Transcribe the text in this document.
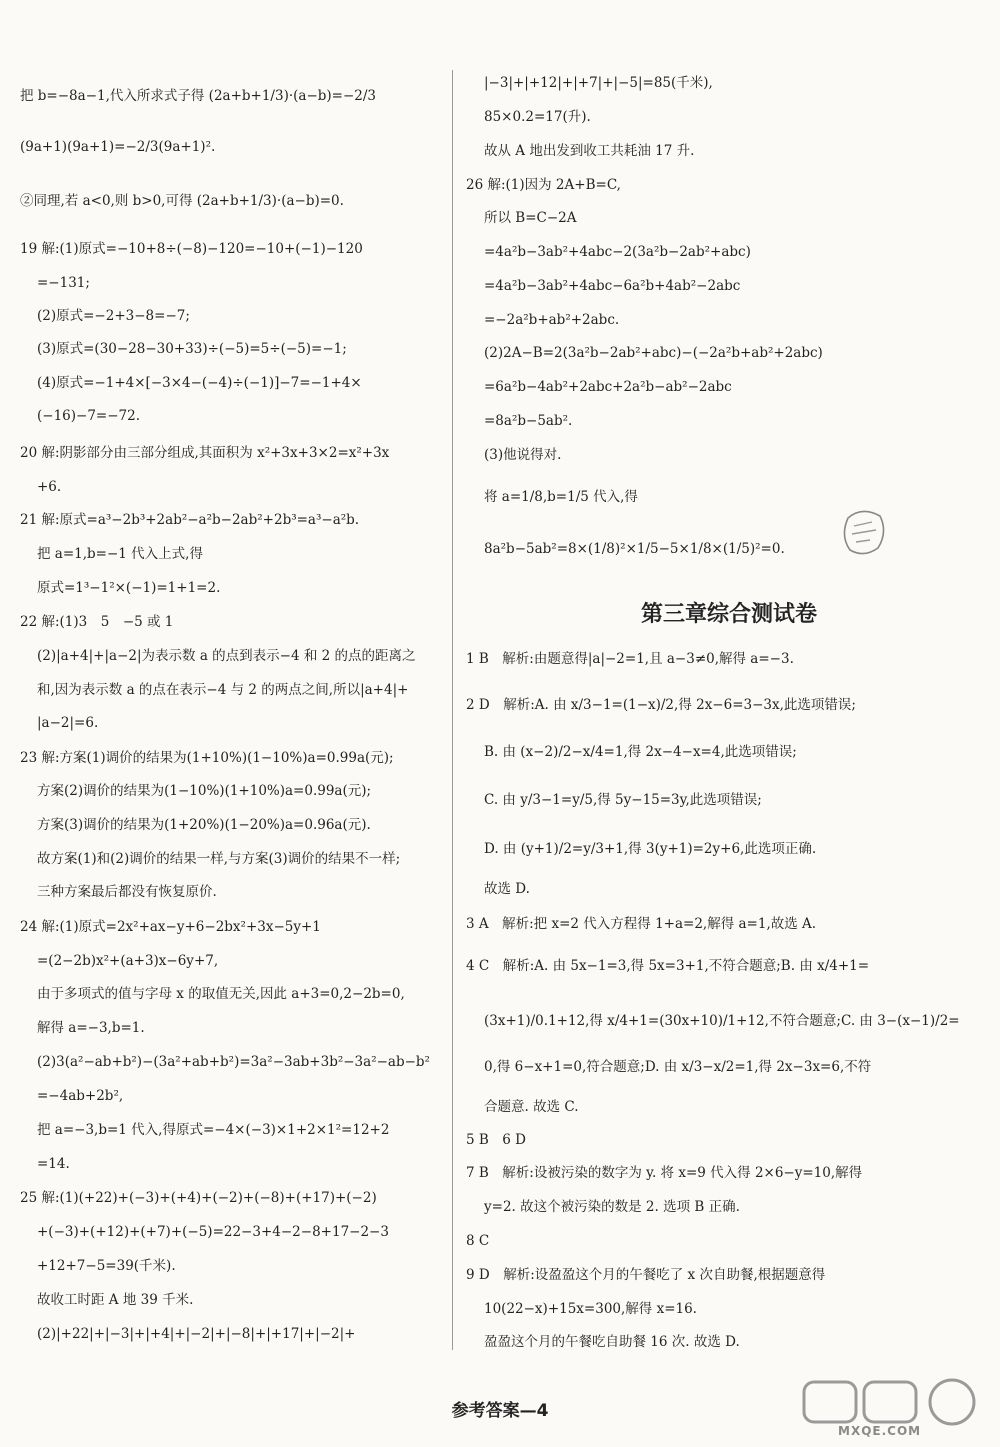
把 b=−8a−1,代入所求式子得 (2a+b+1/3)·(a−b)=−2/3
(9a+1)(9a+1)=−2/3(9a+1)².
②同理,若 a<0,则 b>0,可得 (2a+b+1/3)·(a−b)=0.
19 解:(1)原式=−10+8÷(−8)−120=−10+(−1)−120
=−131;
(2)原式=−2+3−8=−7;
(3)原式=(30−28−30+33)÷(−5)=5÷(−5)=−1;
(4)原式=−1+4×[−3×4−(−4)÷(−1)]−7=−1+4×
(−16)−7=−72.
20 解:阴影部分由三部分组成,其面积为 x²+3x+3×2=x²+3x
+6.
21 解:原式=a³−2b³+2ab²−a²b−2ab²+2b³=a³−a²b.
把 a=1,b=−1 代入上式,得
原式=1³−1²×(−1)=1+1=2.
22 解:(1)3　5　−5 或 1
(2)|a+4|+|a−2|为表示数 a 的点到表示−4 和 2 的点的距离之
和,因为表示数 a 的点在表示−4 与 2 的两点之间,所以|a+4|+
|a−2|=6.
23 解:方案(1)调价的结果为(1+10%)(1−10%)a=0.99a(元);
方案(2)调价的结果为(1−10%)(1+10%)a=0.99a(元);
方案(3)调价的结果为(1+20%)(1−20%)a=0.96a(元).
故方案(1)和(2)调价的结果一样,与方案(3)调价的结果不一样;
三种方案最后都没有恢复原价.
24 解:(1)原式=2x²+ax−y+6−2bx²+3x−5y+1
=(2−2b)x²+(a+3)x−6y+7,
由于多项式的值与字母 x 的取值无关,因此 a+3=0,2−2b=0,
解得 a=−3,b=1.
(2)3(a²−ab+b²)−(3a²+ab+b²)=3a²−3ab+3b²−3a²−ab−b²
=−4ab+2b²,
把 a=−3,b=1 代入,得原式=−4×(−3)×1+2×1²=12+2
=14.
25 解:(1)(+22)+(−3)+(+4)+(−2)+(−8)+(+17)+(−2)
+(−3)+(+12)+(+7)+(−5)=22−3+4−2−8+17−2−3
+12+7−5=39(千米).
故收工时距 A 地 39 千米.
(2)|+22|+|−3|+|+4|+|−2|+|−8|+|+17|+|−2|+
|−3|+|+12|+|+7|+|−5|=85(千米),
85×0.2=17(升).
故从 A 地出发到收工共耗油 17 升.
26 解:(1)因为 2A+B=C,
所以 B=C−2A
=4a²b−3ab²+4abc−2(3a²b−2ab²+abc)
=4a²b−3ab²+4abc−6a²b+4ab²−2abc
=−2a²b+ab²+2abc.
(2)2A−B=2(3a²b−2ab²+abc)−(−2a²b+ab²+2abc)
=6a²b−4ab²+2abc+2a²b−ab²−2abc
=8a²b−5ab².
(3)他说得对.
将 a=1/8,b=1/5 代入,得
8a²b−5ab²=8×(1/8)²×1/5−5×1/8×(1/5)²=0.
第三章综合测试卷
1 B　解析:由题意得|a|−2=1,且 a−3≠0,解得 a=−3.
2 D　解析:A. 由 x/3−1=(1−x)/2,得 2x−6=3−3x,此选项错误;
B. 由 (x−2)/2−x/4=1,得 2x−4−x=4,此选项错误;
C. 由 y/3−1=y/5,得 5y−15=3y,此选项错误;
D. 由 (y+1)/2=y/3+1,得 3(y+1)=2y+6,此选项正确.
故选 D.
3 A　解析:把 x=2 代入方程得 1+a=2,解得 a=1,故选 A.
4 C　解析:A. 由 5x−1=3,得 5x=3+1,不符合题意;B. 由 x/4+1=
(3x+1)/0.1+12,得 x/4+1=(30x+10)/1+12,不符合题意;C. 由 3−(x−1)/2=
0,得 6−x+1=0,符合题意;D. 由 x/3−x/2=1,得 2x−3x=6,不符
合题意. 故选 C.
5 B　6 D
7 B　解析:设被污染的数字为 y. 将 x=9 代入得 2×6−y=10,解得
y=2. 故这个被污染的数是 2. 选项 B 正确.
8 C
9 D　解析:设盈盈这个月的午餐吃了 x 次自助餐,根据题意得
10(22−x)+15x=300,解得 x=16.
盈盈这个月的午餐吃自助餐 16 次. 故选 D.
参考答案—4
MXQE.COM
